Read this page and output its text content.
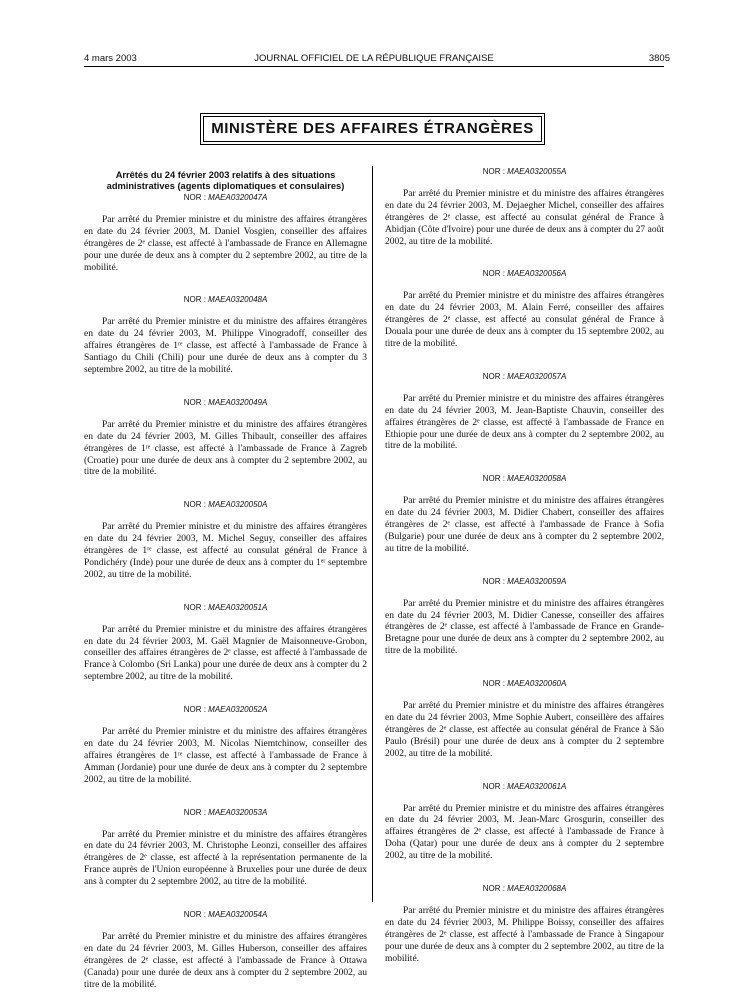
4 mars 2003	JOURNAL OFFICIEL DE LA RÉPUBLIQUE FRANÇAISE	3805
MINISTÈRE DES AFFAIRES ÉTRANGÈRES

Arrêtés du 24 février 2003 relatifs à des situations administratives (agents diplomatiques et consulaires)

NOR : MAEA0320047A

Par arrêté du Premier ministre et du ministre des affaires étrangères en date du 24 février 2003, M. Daniel Vosgien, conseiller des affaires étrangères de 2ᵉ classe, est affecté à l'ambassade de France en Allemagne pour une durée de deux ans à compter du 2 septembre 2002, au titre de la mobilité.

NOR : MAEA0320048A

Par arrêté du Premier ministre et du ministre des affaires étrangères en date du 24 février 2003, M. Philippe Vinogradoff, conseiller des affaires étrangères de 1ʳᵉ classe, est affecté à l'ambassade de France à Santiago du Chili (Chili) pour une durée de deux ans à compter du 3 septembre 2002, au titre de la mobilité.

NOR : MAEA0320049A

Par arrêté du Premier ministre et du ministre des affaires étrangères en date du 24 février 2003, M. Gilles Thibault, conseiller des affaires étrangères de 1ʳᵉ classe, est affecté à l'ambassade de France à Zagreb (Croatie) pour une durée de deux ans à compter du 2 septembre 2002, au titre de la mobilité.

NOR : MAEA0320050A

Par arrêté du Premier ministre et du ministre des affaires étrangères en date du 24 février 2003, M. Michel Seguy, conseiller des affaires étrangères de 1ʳᵉ classe, est affecté au consulat général de France à Pondichéry (Inde) pour une durée de deux ans à compter du 1ᵉʳ septembre 2002, au titre de la mobilité.

NOR : MAEA0320051A

Par arrêté du Premier ministre et du ministre des affaires étrangères en date du 24 février 2003, M. Gaël Magnier de Maisonneuve-Grobon, conseiller des affaires étrangères de 2ᵉ classe, est affecté à l'ambassade de France à Colombo (Sri Lanka) pour une durée de deux ans à compter du 2 septembre 2002, au titre de la mobilité.

NOR : MAEA0320052A

Par arrêté du Premier ministre et du ministre des affaires étrangères en date du 24 février 2003, M. Nicolas Niemtchinow, conseiller des affaires étrangères de 1ʳᵉ classe, est affecté à l'ambassade de France à Amman (Jordanie) pour une durée de deux ans à compter du 2 septembre 2002, au titre de la mobilité.

NOR : MAEA0320053A

Par arrêté du Premier ministre et du ministre des affaires étrangères en date du 24 février 2003, M. Christophe Leonzi, conseiller des affaires étrangères de 2ᵉ classe, est affecté à la représentation permanente de la France auprès de l'Union européenne à Bruxelles pour une durée de deux ans à compter du 2 septembre 2002, au titre de la mobilité.

NOR : MAEA0320054A

Par arrêté du Premier ministre et du ministre des affaires étrangères en date du 24 février 2003, M. Gilles Huberson, conseiller des affaires étrangères de 2ᵉ classe, est affecté à l'ambassade de France à Ottawa (Canada) pour une durée de deux ans à compter du 2 septembre 2002, au titre de la mobilité.

NOR : MAEA0320055A

Par arrêté du Premier ministre et du ministre des affaires étrangères en date du 24 février 2003, M. Dejaegher Michel, conseiller des affaires étrangères de 2ᵉ classe, est affecté au consulat général de France à Abidjan (Côte d'Ivoire) pour une durée de deux ans à compter du 27 août 2002, au titre de la mobilité.

NOR : MAEA0320056A

Par arrêté du Premier ministre et du ministre des affaires étrangères en date du 24 février 2003, M. Alain Ferré, conseiller des affaires étrangères de 2ᵉ classe, est affecté au consulat général de France à Douala pour une durée de deux ans à compter du 15 septembre 2002, au titre de la mobilité.

NOR : MAEA0320057A

Par arrêté du Premier ministre et du ministre des affaires étrangères en date du 24 février 2003, M. Jean-Baptiste Chauvin, conseiller des affaires étrangères de 2ᵉ classe, est affecté à l'ambassade de France en Ethiopie pour une durée de deux ans à compter du 2 septembre 2002, au titre de la mobilité.

NOR : MAEA0320058A

Par arrêté du Premier ministre et du ministre des affaires étrangères en date du 24 février 2003, M. Didier Chabert, conseiller des affaires étrangères de 2ᵉ classe, est affecté à l'ambassade de France à Sofia (Bulgarie) pour une durée de deux ans à compter du 2 septembre 2002, au titre de la mobilité.

NOR : MAEA0320059A

Par arrêté du Premier ministre et du ministre des affaires étrangères en date du 24 février 2003, M. Didier Canesse, conseiller des affaires étrangères de 2ᵉ classe, est affecté à l'ambassade de France en Grande-Bretagne pour une durée de deux ans à compter du 2 septembre 2002, au titre de la mobilité.

NOR : MAEA0320060A

Par arrêté du Premier ministre et du ministre des affaires étrangères en date du 24 février 2003, Mme Sophie Aubert, conseillère des affaires étrangères de 2ᵉ classe, est affectée au consulat général de France à São Paulo (Brésil) pour une durée de deux ans à compter du 2 septembre 2002, au titre de la mobilité.

NOR : MAEA0320061A

Par arrêté du Premier ministre et du ministre des affaires étrangères en date du 24 février 2003, M. Jean-Marc Grosgurin, conseiller des affaires étrangères de 2ᵉ classe, est affecté à l'ambassade de France à Doha (Qatar) pour une durée de deux ans à compter du 2 septembre 2002, au titre de la mobilité.

NOR : MAEA0320068A

Par arrêté du Premier ministre et du ministre des affaires étrangères en date du 24 février 2003, M. Philippe Boissy, conseiller des affaires étrangères de 2ᵉ classe, est affecté à l'ambassade de France à Singapour pour une durée de deux ans à compter du 2 septembre 2002, au titre de la mobilité.
